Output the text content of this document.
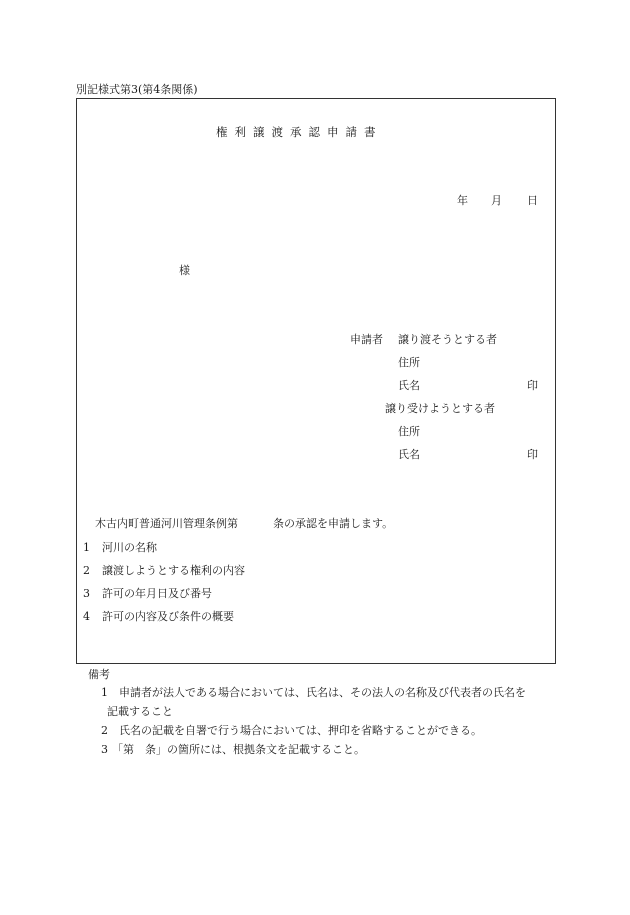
別記様式第3(第4条関係)
権利譲渡承認申請書
年 月 日
様
申請者 譲り渡そうとする者
住所
氏名	印
譲り受けようとする者
住所
氏名	印
木古内町普通河川管理条例第	条の承認を申請します。
1 河川の名称
2 譲渡しようとする権利の内容
3 許可の年月日及び番号
4 許可の内容及び条件の概要
備考
1 申請者が法人である場合においては、氏名は、その法人の名称及び代表者の氏名を
記載すること
2 氏名の記載を自署で行う場合においては、押印を省略することができる。
3 「第　条」の箇所には、根拠条文を記載すること。
